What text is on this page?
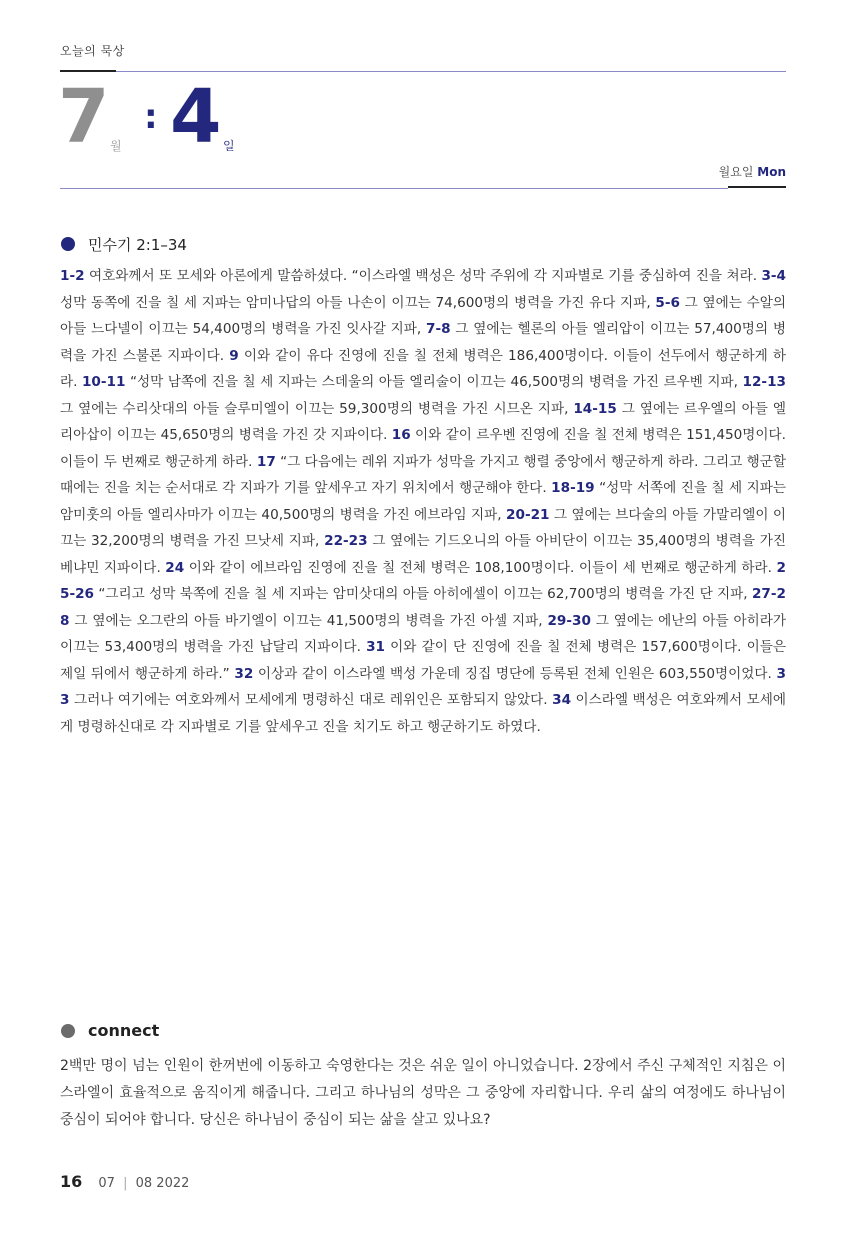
오늘의 묵상
7 월
: 4 일
월요일 Mon
민수기 2:1–34
1-2 여호와께서 또 모세와 아론에게 말씀하셨다. “이스라엘 백성은 성막 주위에 각 지파별로 기를 중심하여 진을 쳐라. 3-4 성막 동쪽에 진을 칠 세 지파는 암미나답의 아들 나손이 이끄는 74,600명의 병력을 가진 유다 지파, 5-6 그 옆에는 수알의 아들 느다넬이 이끄는 54,400명의 병력을 가진 잇사갈 지파, 7-8 그 옆에는 헬론의 아들 엘리압이 이끄는 57,400명의 병력을 가진 스불론 지파이다. 9 이와 같이 유다 진영에 진을 칠 전체 병력은 186,400명이다. 이들이 선두에서 행군하게 하라. 10-11 “성막 남쪽에 진을 칠 세 지파는 스데울의 아들 엘리술이 이끄는 46,500명의 병력을 가진 르우벤 지파, 12-13 그 옆에는 수리삿대의 아들 슬루미엘이 이끄는 59,300명의 병력을 가진 시므온 지파, 14-15 그 옆에는 르우엘의 아들 엘리아삽이 이끄는 45,650명의 병력을 가진 갓 지파이다. 16 이와 같이 르우벤 진영에 진을 칠 전체 병력은 151,450명이다. 이들이 두 번째로 행군하게 하라. 17 “그 다음에는 레위 지파가 성막을 가지고 행렬 중앙에서 행군하게 하라. 그리고 행군할 때에는 진을 치는 순서대로 각 지파가 기를 앞세우고 자기 위치에서 행군해야 한다. 18-19 “성막 서쪽에 진을 칠 세 지파는 암미훗의 아들 엘리사마가 이끄는 40,500명의 병력을 가진 에브라임 지파, 20-21 그 옆에는 브다술의 아들 가말리엘이 이끄는 32,200명의 병력을 가진 므낫세 지파, 22-23 그 옆에는 기드오니의 아들 아비단이 이끄는 35,400명의 병력을 가진 베냐민 지파이다. 24 이와 같이 에브라임 진영에 진을 칠 전체 병력은 108,100명이다. 이들이 세 번째로 행군하게 하라. 25-26 “그리고 성막 북쪽에 진을 칠 세 지파는 암미삿대의 아들 아히에셀이 이끄는 62,700명의 병력을 가진 단 지파, 27-28 그 옆에는 오그란의 아들 바기엘이 이끄는 41,500명의 병력을 가진 아셀 지파, 29-30 그 옆에는 에난의 아들 아히라가 이끄는 53,400명의 병력을 가진 납달리 지파이다. 31 이와 같이 단 진영에 진을 칠 전체 병력은 157,600명이다. 이들은 제일 뒤에서 행군하게 하라.” 32 이상과 같이 이스라엘 백성 가운데 징집 명단에 등록된 전체 인원은 603,550명이었다. 33 그러나 여기에는 여호와께서 모세에게 명령하신 대로 레위인은 포함되지 않았다. 34 이스라엘 백성은 여호와께서 모세에게 명령하신대로 각 지파별로 기를 앞세우고 진을 치기도 하고 행군하기도 하였다.
connect
2백만 명이 넘는 인원이 한꺼번에 이동하고 숙영한다는 것은 쉬운 일이 아니었습니다. 2장에서 주신 구체적인 지침은 이스라엘이 효율적으로 움직이게 해줍니다. 그리고 하나님의 성막은 그 중앙에 자리합니다. 우리 삶의 여정에도 하나님이 중심이 되어야 합니다. 당신은 하나님이 중심이 되는 삶을 살고 있나요?
16 07 | 08 2022
